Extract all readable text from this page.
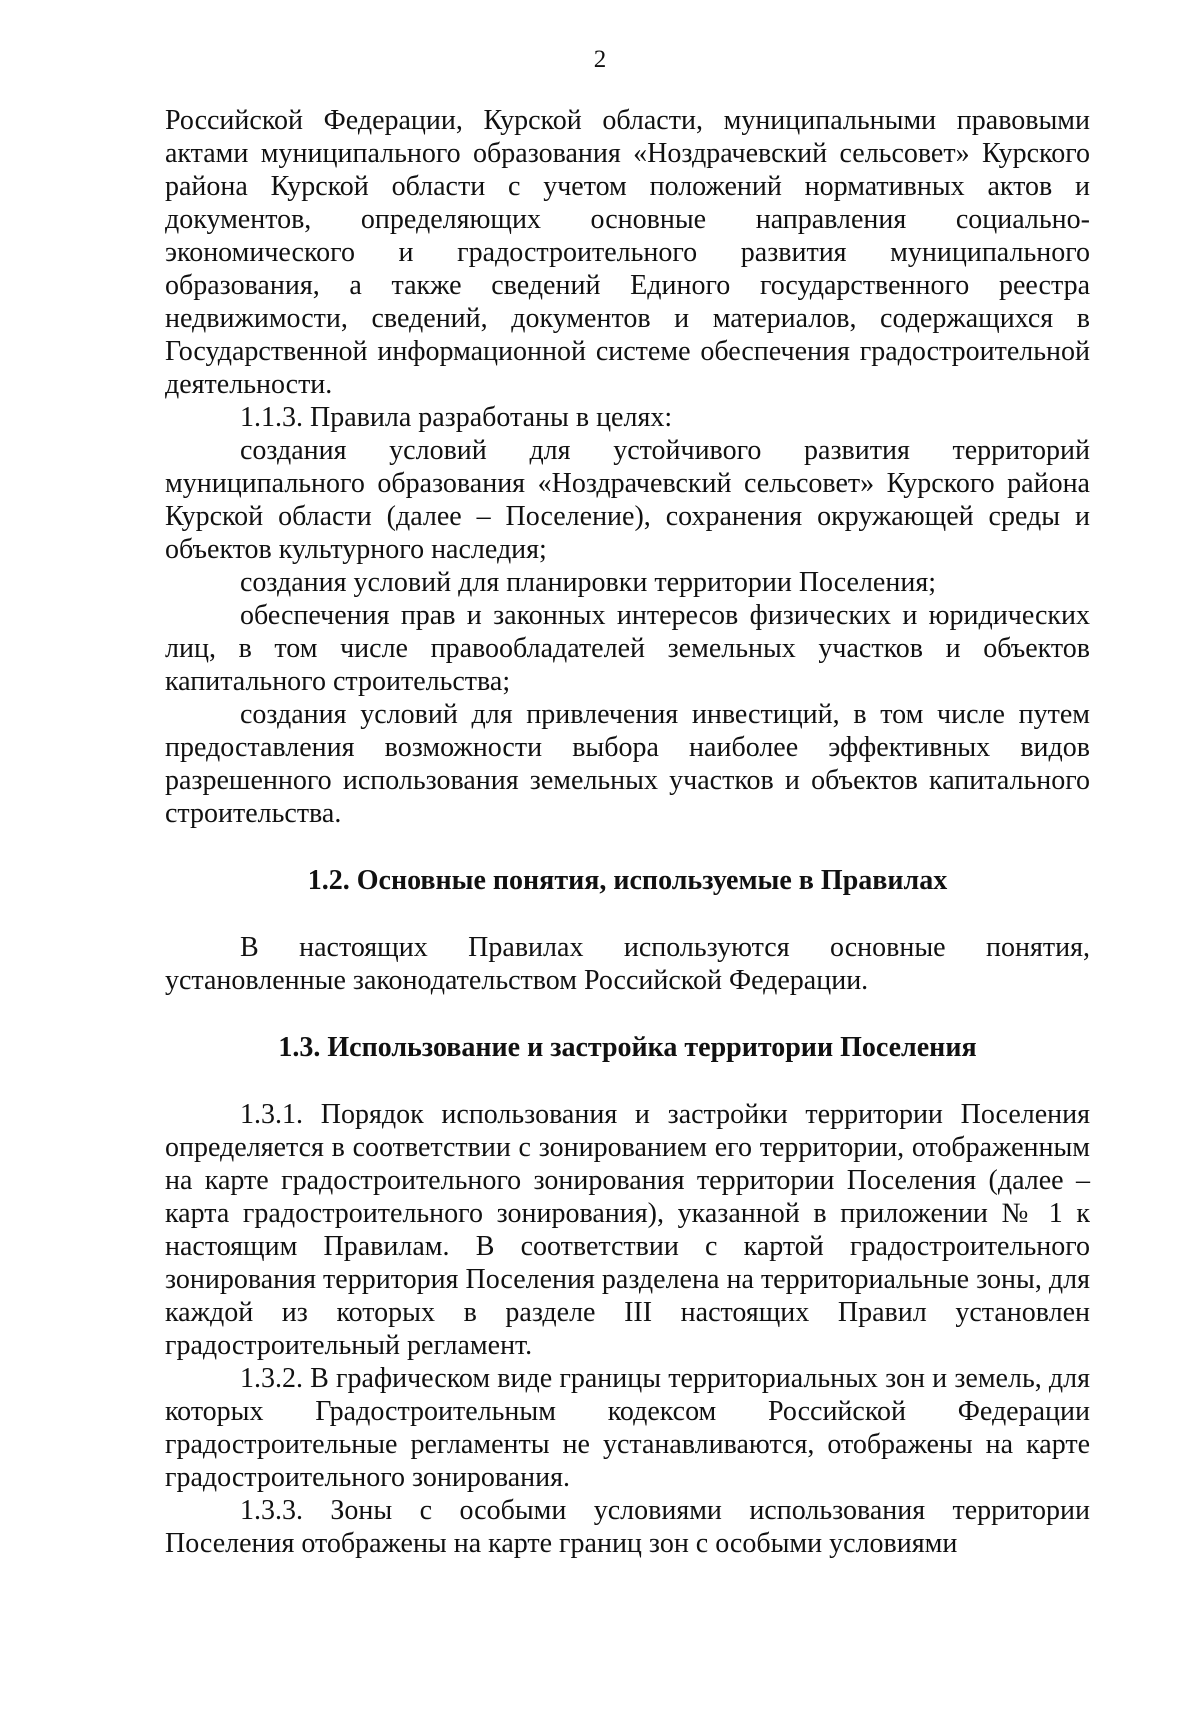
2

Российской Федерации, Курской области, муниципальными правовыми актами муниципального образования «Ноздрачевский сельсовет» Курского района Курской области с учетом положений нормативных актов и документов, определяющих основные направления социально-экономического и градостроительного развития муниципального образования, а также сведений Единого государственного реестра недвижимости, сведений, документов и материалов, содержащихся в Государственной информационной системе обеспечения градостроительной деятельности.

1.1.3. Правила разработаны в целях:

создания условий для устойчивого развития территорий муниципального образования «Ноздрачевский сельсовет» Курского района Курской области (далее – Поселение), сохранения окружающей среды и объектов культурного наследия;

создания условий для планировки территории Поселения;

обеспечения прав и законных интересов физических и юридических лиц, в том числе правообладателей земельных участков и объектов капитального строительства;

создания условий для привлечения инвестиций, в том числе путем предоставления возможности выбора наиболее эффективных видов разрешенного использования земельных участков и объектов капитального строительства.

1.2. Основные понятия, используемые в Правилах

В настоящих Правилах используются основные понятия, установленные законодательством Российской Федерации.

1.3. Использование и застройка территории Поселения

1.3.1. Порядок использования и застройки территории Поселения определяется в соответствии с зонированием его территории, отображенным на карте градостроительного зонирования территории Поселения (далее – карта градостроительного зонирования), указанной в приложении № 1 к настоящим Правилам. В соответствии с картой градостроительного зонирования территория Поселения разделена на территориальные зоны, для каждой из которых в разделе III настоящих Правил установлен градостроительный регламент.

1.3.2. В графическом виде границы территориальных зон и земель, для которых Градостроительным кодексом Российской Федерации градостроительные регламенты не устанавливаются, отображены на карте градостроительного зонирования.

1.3.3. Зоны с особыми условиями использования территории Поселения отображены на карте границ зон с особыми условиями
